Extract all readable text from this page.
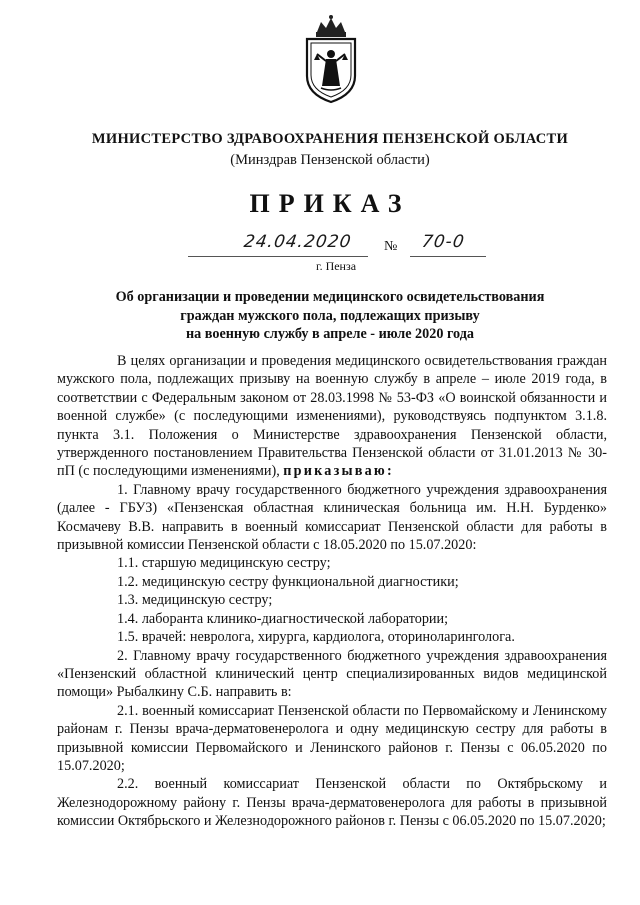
МИНИСТЕРСТВО ЗДРАВООХРАНЕНИЯ ПЕНЗЕНСКОЙ ОБЛАСТИ
(Минздрав Пензенской области)
ПРИКАЗ
24.04.2020 № 70-0
г. Пенза
Об организации и проведении медицинского освидетельствования
граждан мужского пола, подлежащих призыву
на военную службу в апреле - июле 2020 года

В целях организации и проведения медицинского освидетельствования граждан мужского пола, подлежащих призыву на военную службу в апреле – июле 2019 года, в соответствии с Федеральным законом от 28.03.1998 № 53-ФЗ «О воинской обязанности и военной службе» (с последующими изменениями), руководствуясь подпунктом 3.1.8. пункта 3.1. Положения о Министерстве здравоохранения Пензенской области, утвержденного постановлением Правительства Пензенской области от 31.01.2013 № 30-пП (с последующими изменениями), приказываю:

1. Главному врачу государственного бюджетного учреждения здравоохранения (далее - ГБУЗ) «Пензенская областная клиническая больница им. Н.Н. Бурденко» Космачеву В.В. направить в военный комиссариат Пензенской области для работы в призывной комиссии Пензенской области с 18.05.2020 по 15.07.2020:

1.1. старшую медицинскую сестру;

1.2. медицинскую сестру функциональной диагностики;

1.3. медицинскую сестру;

1.4. лаборанта клинико-диагностической лаборатории;

1.5. врачей: невролога, хирурга, кардиолога, оториноларинголога.

2. Главному врачу государственного бюджетного учреждения здравоохранения «Пензенский областной клинический центр специализированных видов медицинской помощи» Рыбалкину С.Б. направить в:

2.1. военный комиссариат Пензенской области по Первомайскому и Ленинскому районам г. Пензы врача-дерматовенеролога и одну медицинскую сестру для работы в призывной комиссии Первомайского и Ленинского районов г. Пензы с 06.05.2020 по 15.07.2020;

2.2. военный комиссариат Пензенской области по Октябрьскому и Железнодорожному району г. Пензы врача-дерматовенеролога для работы в призывной комиссии Октябрьского и Железнодорожного районов г. Пензы с 06.05.2020 по 15.07.2020;
